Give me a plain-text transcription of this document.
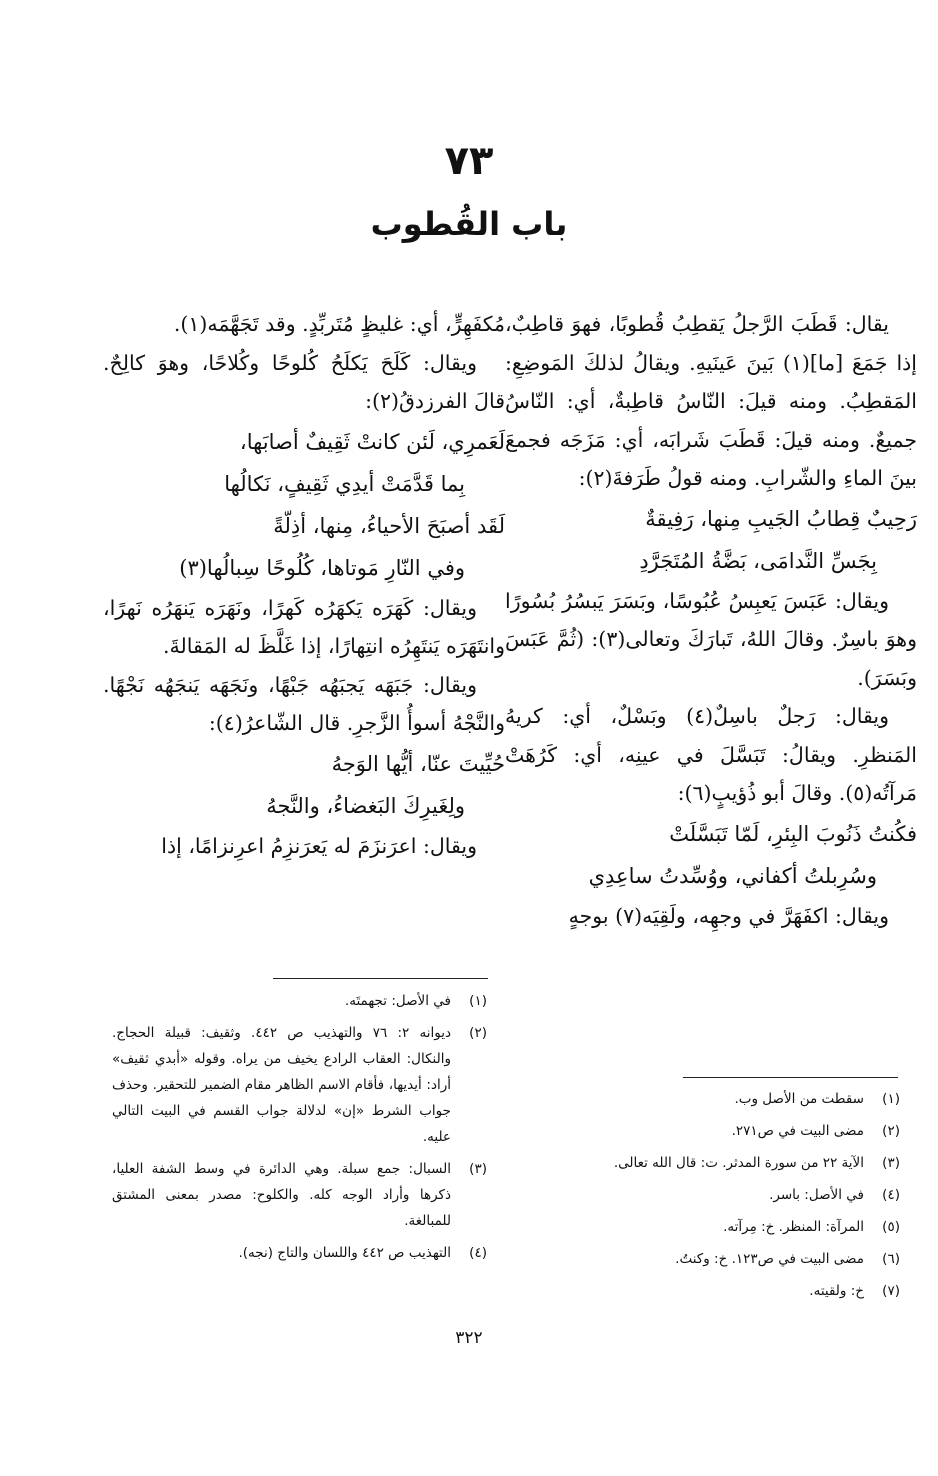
٧٣
باب القُطوب

يقال: قَطَبَ الرَّجلُ يَقطِبُ قُطوبًا، فهوَ قاطِبٌ، إذا جَمَعَ [ما](١) بَينَ عَينَيهِ. ويقالُ لذلكَ المَوضِعِ: المَقطِبُ. ومنه قيلَ: النّاسُ قاطِبةٌ، أي: النّاسُ جميعٌ. ومنه قيلَ: قَطَبَ شَرابَه، أي: مَزَجَه فجمعَ بينَ الماءِ والشّرابِ. ومنه قولُ طَرَفةَ(٢):

رَحِيبٌ قِطابُ الجَيبِ مِنها، رَفِيقةٌ

بِجَسِّ النَّدامَى، بَضَّةُ المُتَجَرَّدِ

ويقال: عَبَسَ يَعبِسُ عُبُوسًا، وبَسَرَ يَبسُرُ بُسُورًا وهوَ باسِرٌ. وقالَ اللهُ، تَبارَكَ وتعالى(٣): (ثُمَّ عَبَسَ وبَسَرَ).

ويقال: رَجلٌ باسِلٌ(٤) وبَسْلٌ، أي: كريهُ المَنظرِ. ويقالُ: تَبَسَّلَ في عينِه، أي: كَرُهَتْ مَرآتُه(٥). وقالَ أبو ذُؤيبٍ(٦):

فكُنتُ ذَنُوبَ البِئرِ، لَمّا تَبَسَّلَتْ

وسُرِبلتُ أكفاني، ووُسِّدتُ ساعِدِي

ويقال: اكفَهَرَّ في وجهِه، ولَقِيَه(٧) بوجهٍ

مُكفَهِرٍّ، أي: غليظٍ مُتَربِّدٍ. وقد تَجَهَّمَه(١).

ويقال: كَلَحَ يَكلَحُ كُلوحًا وكُلاحًا، وهوَ كالِحٌ. قالَ الفرزدقُ(٢):

لَعَمرِي، لَئن كانتْ ثَقِيفٌ أصابَها،

بِما قَدَّمَتْ أيدِي ثَقِيفٍ، نَكالُها

لَقَد أصبَحَ الأحياءُ، مِنها، أذِلّةً

وفي النّارِ مَوتاها، كُلُوحًا سِبالُها(٣)

ويقال: كَهَرَه يَكهَرُه كَهرًا، ونَهَرَه يَنهَرُه نَهرًا، وانتَهَرَه يَنتَهِرُه انتِهارًا، إذا غَلَّظَ له المَقالةَ.

ويقال: جَبَهَه يَجبَهُه جَبْهًا، ونَجَهَه يَنجَهُه نَجْهًا. والنَّجْهُ أسوأُ الزَّجرِ. قال الشّاعرُ(٤):

حُيِّيتَ عنّا، أيُّها الوَجهُ

ولِغَيرِكَ البَغضاءُ، والنَّجهُ

ويقال: اعرَنزَمَ له يَعرَنزِمُ اعرِنزامًا، إذا

(١)
في الأصل: تجهمتَه.
(٢)
ديوانه ٢: ٧٦ والتهذيب ص ٤٤٢. وثقيف: قبيلة الحجاج. والنكال: العقاب الرادع يخيف من يراه. وقوله «أبدي ثقيف» أراد: أيديها، فأقام الاسم الظاهر مقام الضمير للتحقير. وحذف جواب الشرط «إن» لدلالة جواب القسم في البيت التالي عليه.
(٣)
السبال: جمع سبلة. وهي الدائرة في وسط الشفة العليا، ذكرها وأراد الوجه كله. والكلوح: مصدر بمعنى المشتق للمبالغة.
(٤)
التهذيب ص ٤٤٢ واللسان والتاج (نجه).
(١)
سقطت من الأصل وب.
(٢)
مضى البيت في ص٢٧١.
(٣)
الآية ٢٢ من سورة المدثر. ت: قال الله تعالى.
(٤)
في الأصل: باسر.
(٥)
المرآة: المنظر. خ: مِرآته.
(٦)
مضى البيت في ص١٢٣. خ: وكنتُ.
(٧)
خ: ولقيته.
٣٢٢
